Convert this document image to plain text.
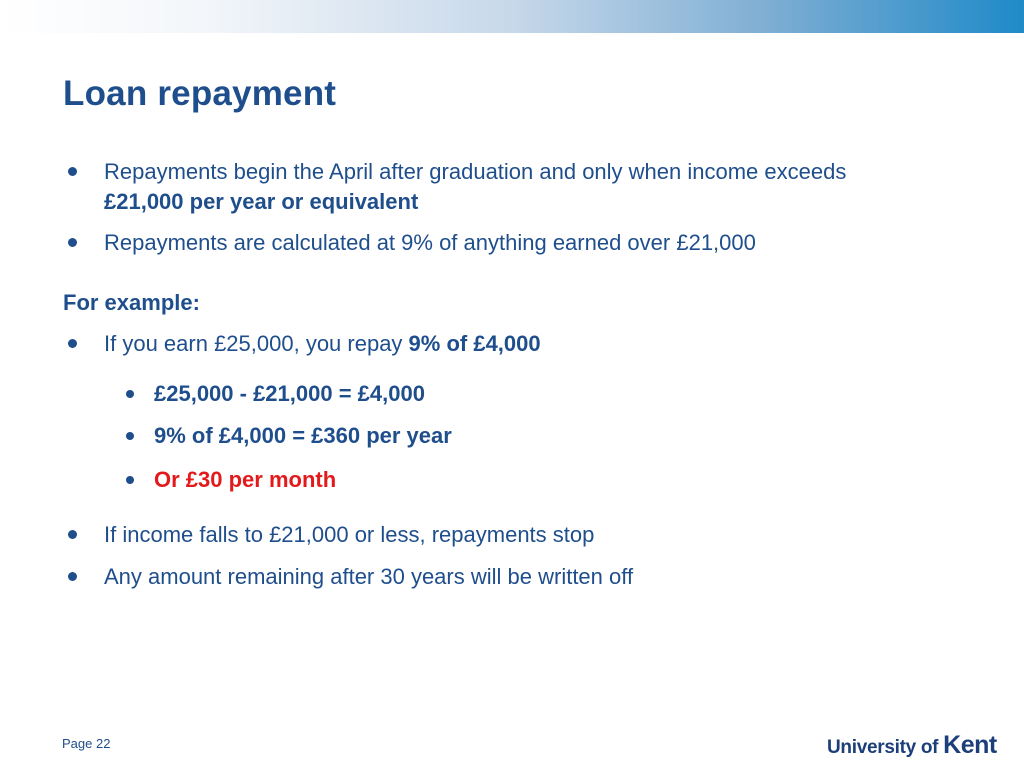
Loan repayment
Repayments begin the April after graduation and only when income exceeds
£21,000 per year or equivalent
Repayments are calculated at 9% of anything earned over £21,000
For example:
If you earn £25,000, you repay 9% of £4,000
£25,000 - £21,000 = £4,000
9% of £4,000 = £360 per year
Or £30 per month
If income falls to £21,000 or less, repayments stop
Any amount remaining after 30 years will be written off
Page 22	University of Kent
